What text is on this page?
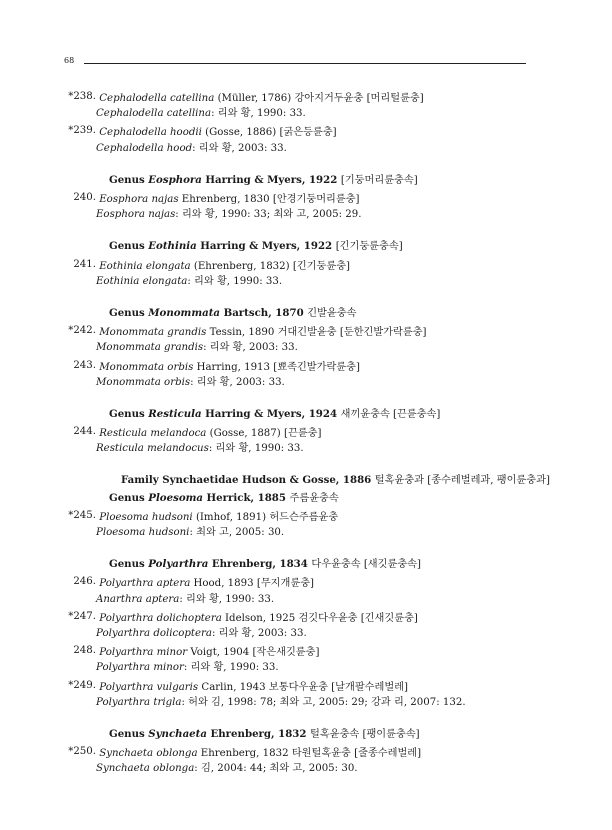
68
*238. Cephalodella catellina (Müller, 1786) 강아지거두윤충 [머리털륜충]
Cephalodella catellina: 리와 황, 1990: 33.
*239. Cephalodella hoodii (Gosse, 1886) [굵은등륜충]
Cephalodella hood: 리와 황, 2003: 33.
Genus Eosphora Harring & Myers, 1922 [기둥머리륜충속]
240. Eosphora najas Ehrenberg, 1830 [안경기둥머리륜충]
Eosphora najas: 리와 황, 1990: 33; 최와 고, 2005: 29.
Genus Eothinia Harring & Myers, 1922 [긴기둥륜충속]
241. Eothinia elongata (Ehrenberg, 1832) [긴기둥륜충]
Eothinia elongata: 리와 황, 1990: 33.
Genus Monommata Bartsch, 1870 긴발윤충속
*242. Monommata grandis Tessin, 1890 거대긴발윤충 [둔한긴발가락륜충]
Monommata grandis: 리와 황, 2003: 33.
243. Monommata orbis Harring, 1913 [뾰족긴발가락륜충]
Monommata orbis: 리와 황, 2003: 33.
Genus Resticula Harring & Myers, 1924 새끼윤충속 [끈륜충속]
244. Resticula melandoca (Gosse, 1887) [끈륜충]
Resticula melandocus: 리와 황, 1990: 33.
Family Synchaetidae Hudson & Gosse, 1886 털혹윤충과 [종수레벌레과, 팽이륜충과]
Genus Ploesoma Herrick, 1885 주름윤충속
*245. Ploesoma hudsoni (Imhof, 1891) 허드슨주름윤충
Ploesoma hudsoni: 최와 고, 2005: 30.
Genus Polyarthra Ehrenberg, 1834 다우윤충속 [새깃륜충속]
246. Polyarthra aptera Hood, 1893 [무지개륜충]
Anarthra aptera: 리와 황, 1990: 33.
*247. Polyarthra dolichoptera Idelson, 1925 검깃다우윤충 [긴새깃륜충]
Polyarthra dolicoptera: 리와 황, 2003: 33.
248. Polyarthra minor Voigt, 1904 [작은새깃륜충]
Polyarthra minor: 리와 황, 1990: 33.
*249. Polyarthra vulgaris Carlin, 1943 보통다우윤충 [날개팔수레벌레]
Polyarthra trigla: 허와 김, 1998: 78; 최와 고, 2005: 29; 강과 리, 2007: 132.
Genus Synchaeta Ehrenberg, 1832 털혹윤충속 [팽이륜충속]
*250. Synchaeta oblonga Ehrenberg, 1832 타원털혹윤충 [줄종수레벌레]
Synchaeta oblonga: 김, 2004: 44; 최와 고, 2005: 30.
